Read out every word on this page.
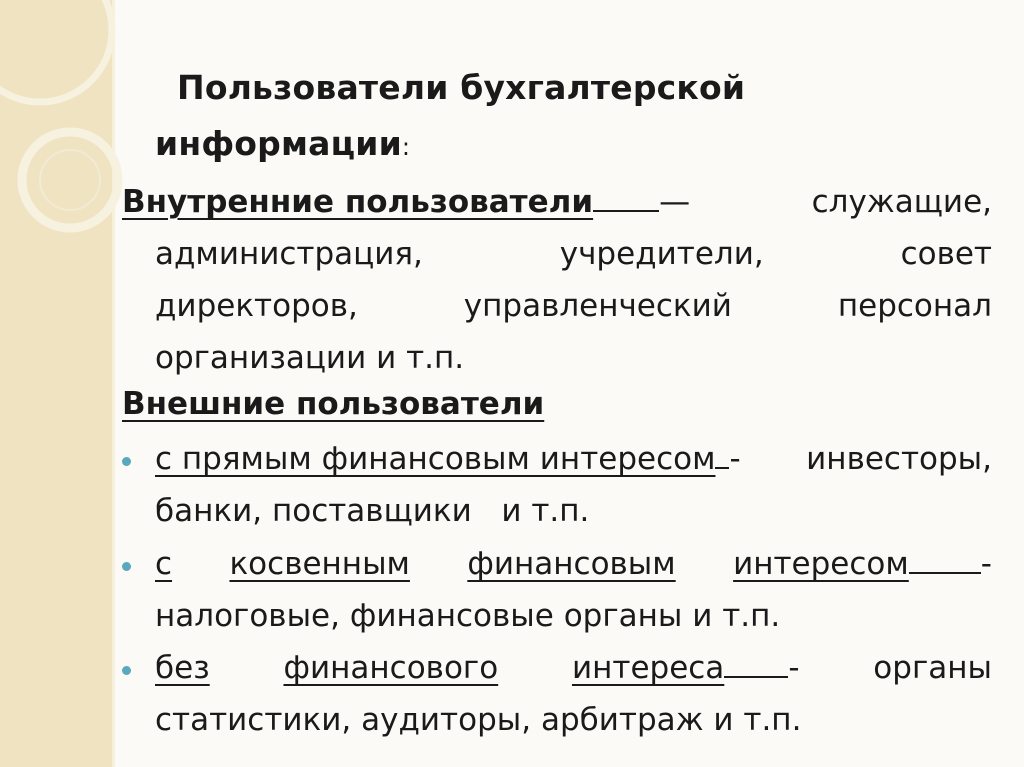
Пользователи бухгалтерской
информации:
Внутренние пользователи —	служащие,
администрация,	учредители,	совет
директоров,	управленческий	персонал
организации и т.п.
Внешние пользователи
с прямым финансовым интересом - инвесторы,
банки, поставщики   и т.п.
с косвенным финансовым интересом -
налоговые, финансовые органы и т.п.
без финансового интереса - органы
статистики, аудиторы, арбитраж и т.п.
